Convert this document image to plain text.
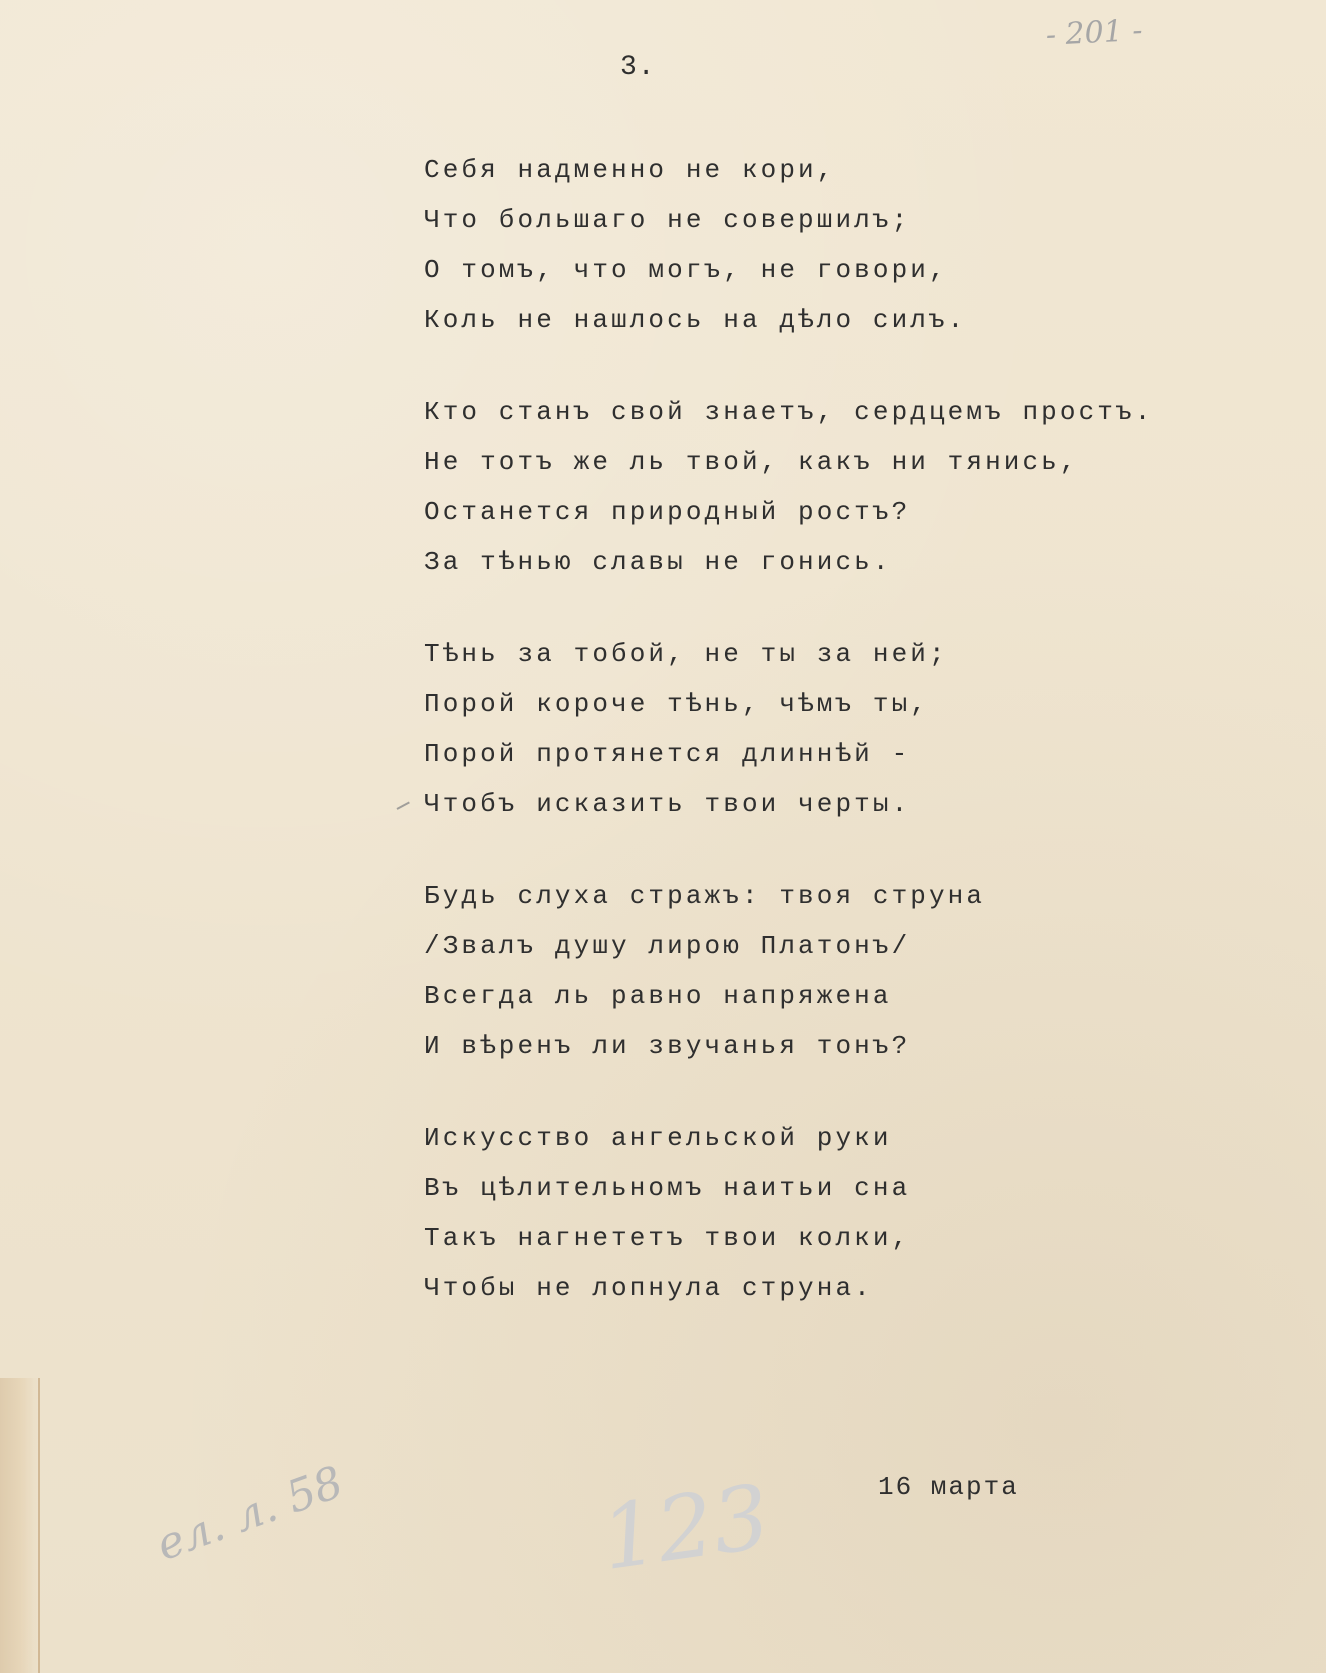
- 201 -
3.
Себя надменно не кори,
Что большаго не совершилъ;
О томъ, что могъ, не говори,
Коль не нашлось на дѣло силъ.
Кто станъ свой знаетъ, сердцемъ простъ.
Не тотъ же ль твой, какъ ни тянись,
Останется природный ростъ?
За тѣнью славы не гонись.
Тѣнь за тобой, не ты за ней;
Порой короче тѣнь, чѣмъ ты,
Порой протянется длиннѣй -
Чтобъ исказить твои черты.
Будь слуха стражъ: твоя струна
/Звалъ душу лирою Платонъ/
Всегда ль равно напряжена
И вѣренъ ли звучанья тонъ?
Искусство ангельской руки
Въ цѣлительномъ наитьи сна
Такъ нагнететъ твои колки,
Чтобы не лопнула струна.
16 марта
ел. л. 58	123
